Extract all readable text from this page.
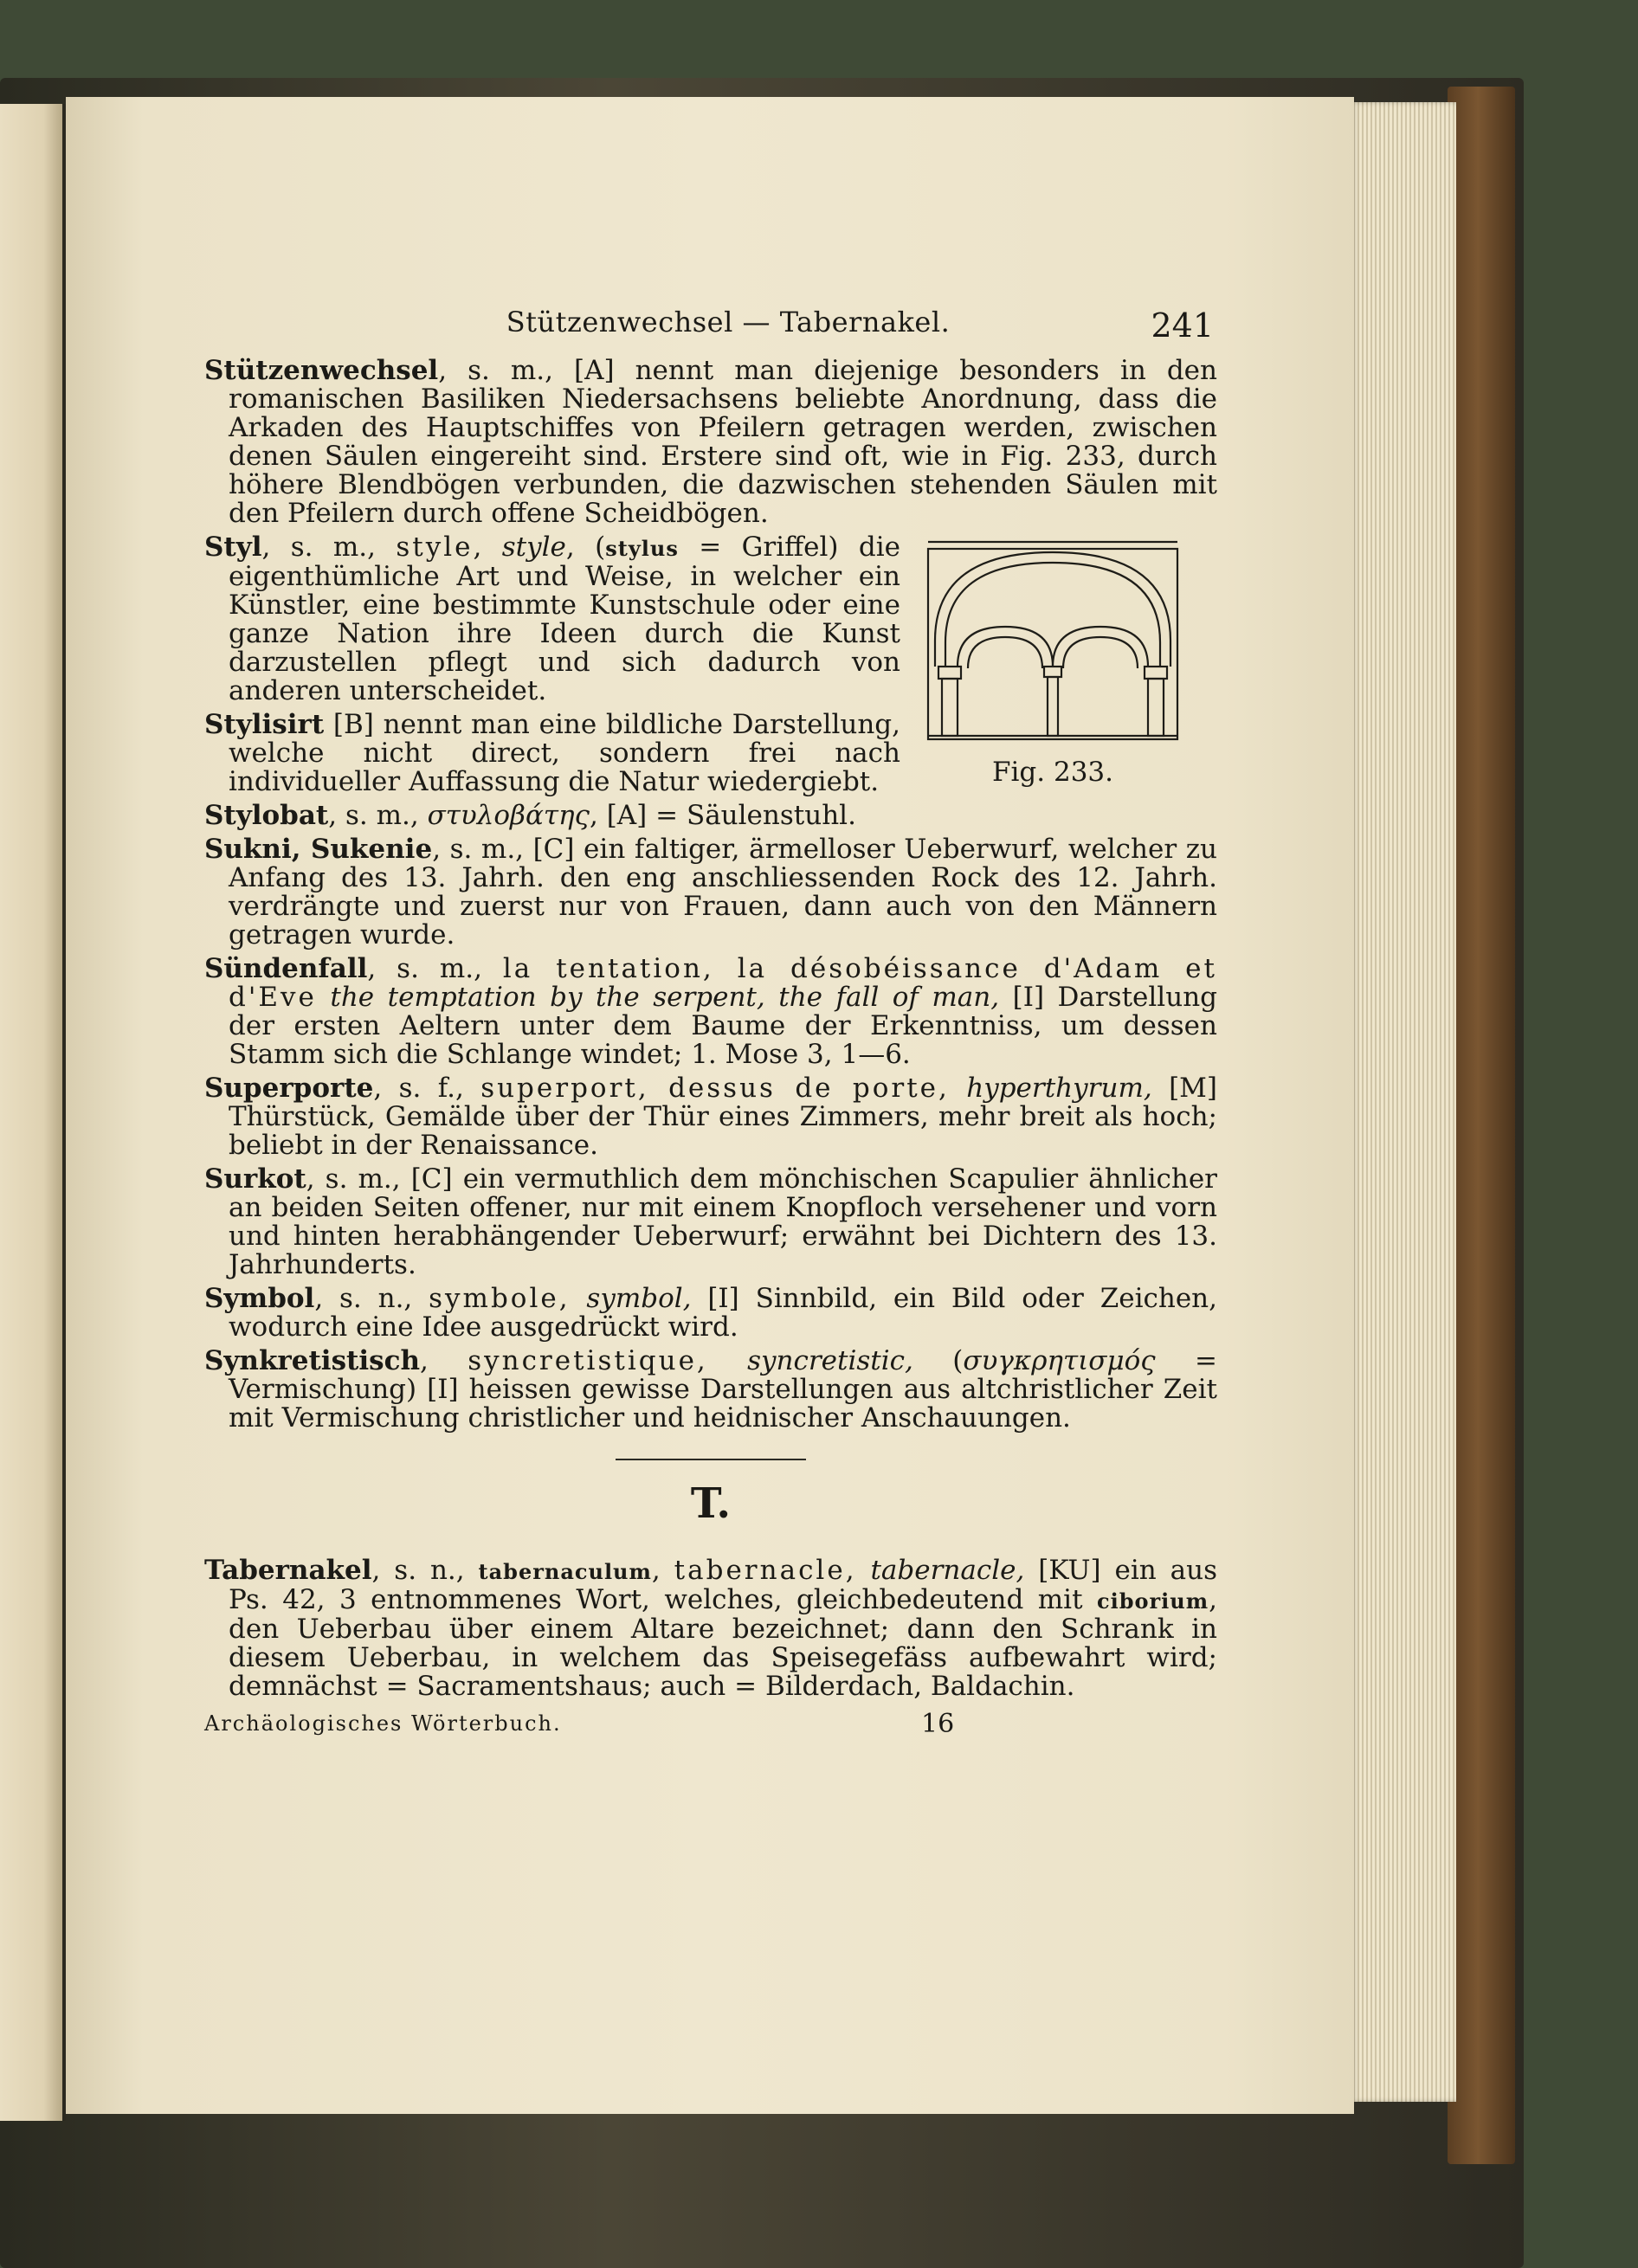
Stützenwechsel — Tabernakel.	241

Stützenwechsel, s. m., [A] nennt man diejenige besonders in den romanischen Basiliken Niedersachsens beliebte Anordnung, dass die Arkaden des Hauptschiffes von Pfeilern getragen werden, zwischen denen Säulen eingereiht sind. Erstere sind oft, wie in Fig. 233, durch höhere Blendbögen verbunden, die dazwischen stehenden Säulen mit den Pfeilern durch offene Scheidbögen.

Fig. 233.

Styl, s. m., style, style, (stylus = Griffel) die eigenthümliche Art und Weise, in welcher ein Künstler, eine bestimmte Kunstschule oder eine ganze Nation ihre Ideen durch die Kunst darzustellen pflegt und sich dadurch von anderen unterscheidet.

Stylisirt [B] nennt man eine bildliche Darstellung, welche nicht direct, sondern frei nach individueller Auffassung die Natur wiedergiebt.

Stylobat, s. m., στυλοβάτης, [A] = Säulenstuhl.

Sukni, Sukenie, s. m., [C] ein faltiger, ärmelloser Ueberwurf, welcher zu Anfang des 13. Jahrh. den eng anschliessenden Rock des 12. Jahrh. verdrängte und zuerst nur von Frauen, dann auch von den Männern getragen wurde.

Sündenfall, s. m., la tentation, la désobéissance d'Adam et d'Eve the temptation by the serpent, the fall of man, [I] Darstellung der ersten Aeltern unter dem Baume der Erkenntniss, um dessen Stamm sich die Schlange windet; 1. Mose 3, 1—6.

Superporte, s. f., superport, dessus de porte, hyperthyrum, [M] Thürstück, Gemälde über der Thür eines Zimmers, mehr breit als hoch; beliebt in der Renaissance.

Surkot, s. m., [C] ein vermuthlich dem mönchischen Scapulier ähnlicher an beiden Seiten offener, nur mit einem Knopfloch versehener und vorn und hinten herabhängender Ueberwurf; erwähnt bei Dichtern des 13. Jahrhunderts.

Symbol, s. n., symbole, symbol, [I] Sinnbild, ein Bild oder Zeichen, wodurch eine Idee ausgedrückt wird.

Synkretistisch, syncretistique, syncretistic, (συγκρητισμός = Vermischung) [I] heissen gewisse Darstellungen aus altchristlicher Zeit mit Vermischung christlicher und heidnischer Anschauungen.

T.

Tabernakel, s. n., tabernaculum, tabernacle, tabernacle, [KU] ein aus Ps. 42, 3 entnommenes Wort, welches, gleichbedeutend mit ciborium, den Ueberbau über einem Altare bezeichnet; dann den Schrank in diesem Ueberbau, in welchem das Speisegefäss aufbewahrt wird; demnächst = Sacramentshaus; auch = Bilderdach, Baldachin.

Archäologisches Wörterbuch.	16
